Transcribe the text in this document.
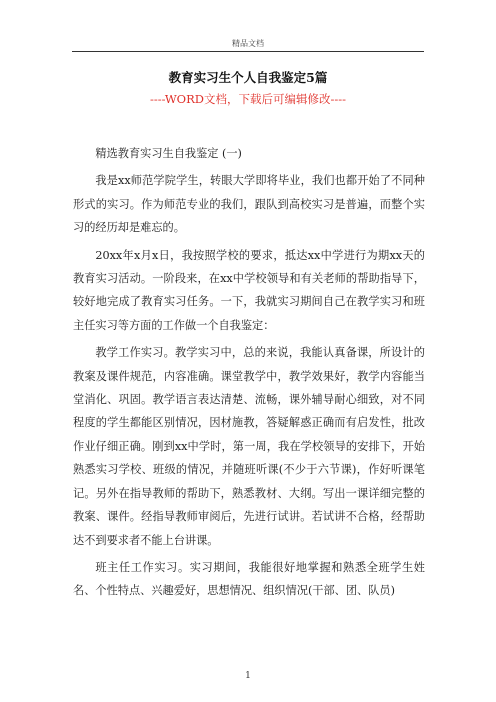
精品文档
教育实习生个人自我鉴定5篇
----WORD文档，下载后可编辑修改----

精选教育实习生自我鉴定 (一)

我是xx师范学院学生，转眼大学即将毕业，我们也都开始了不同种形式的实习。作为师范专业的我们，跟队到高校实习是普遍，而整个实习的经历却是难忘的。

20xx年x月x日，我按照学校的要求，抵达xx中学进行为期xx天的教育实习活动。一阶段来，在xx中学校领导和有关老师的帮助指导下，较好地完成了教育实习任务。一下，我就实习期间自己在教学实习和班主任实习等方面的工作做一个自我鉴定：

教学工作实习。教学实习中，总的来说，我能认真备课，所设计的教案及课件规范，内容准确。课堂教学中，教学效果好，教学内容能当堂消化、巩固。教学语言表达清楚、流畅，课外辅导耐心细致，对不同程度的学生都能区别情况，因材施教，答疑解惑正确而有启发性，批改作业仔细正确。刚到xx中学时，第一周，我在学校领导的安排下，开始熟悉实习学校、班级的情况，并随班听课(不少于六节课)，作好听课笔记。另外在指导教师的帮助下，熟悉教材、大纲。写出一课详细完整的教案、课件。经指导教师审阅后，先进行试讲。若试讲不合格，经帮助达不到要求者不能上台讲课。

班主任工作实习。实习期间，我能很好地掌握和熟悉全班学生姓名、个性特点、兴趣爱好，思想情况、组织情况(干部、团、队员)

1
